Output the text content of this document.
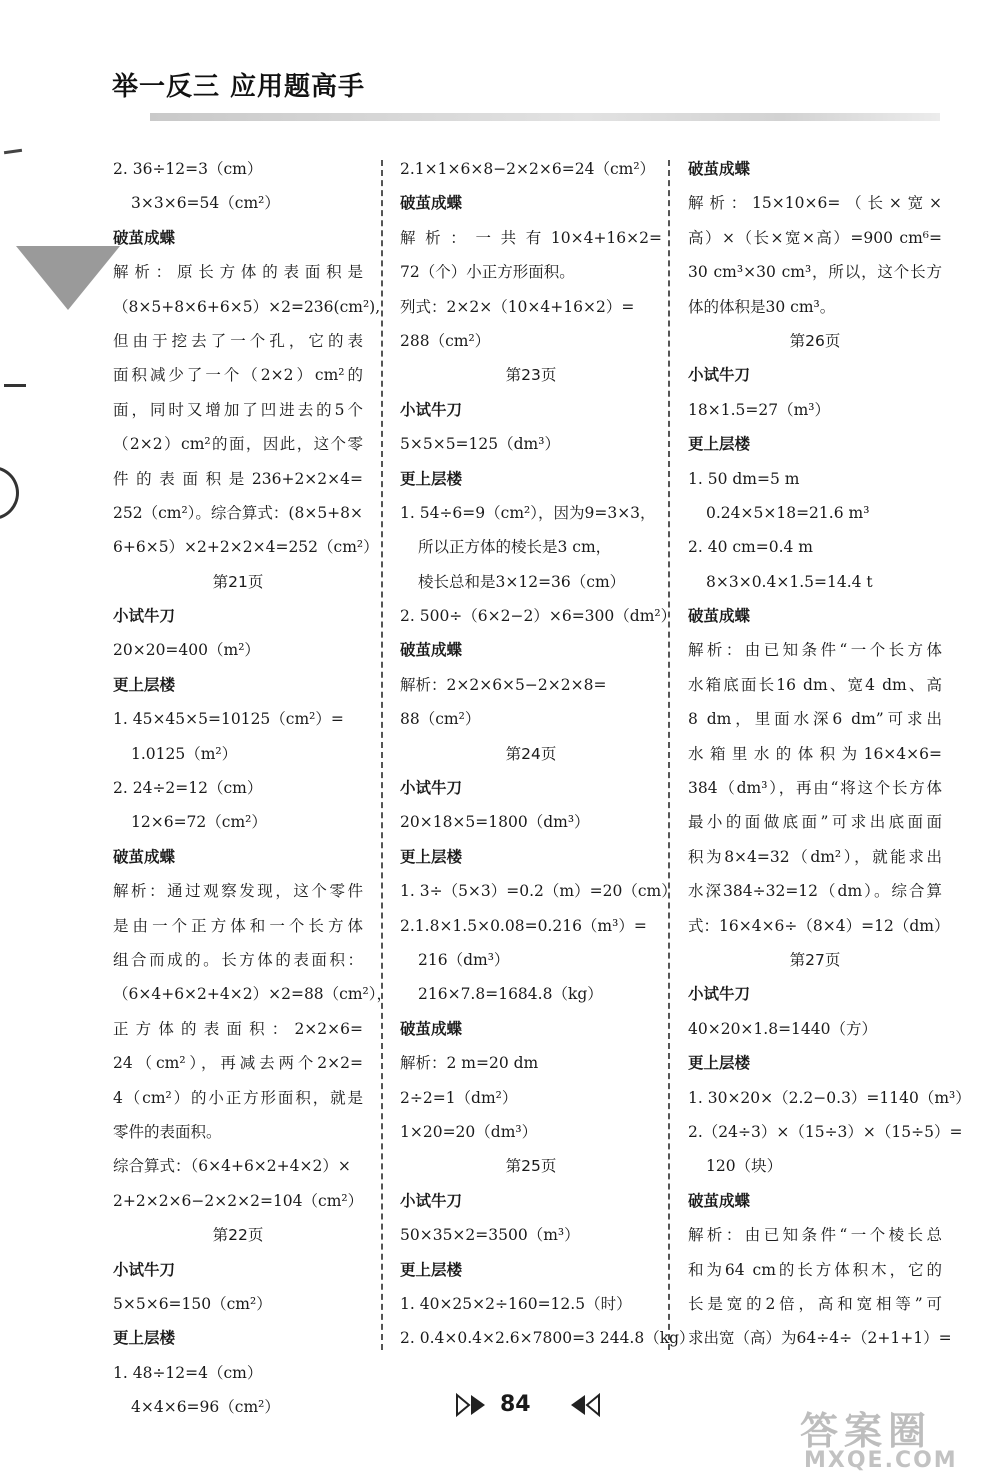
举一反三 应用题高手
2. 36÷12=3（cm）
3×3×6=54（cm²）
破茧成蝶
解析：原长方体的表面积是
（8×5+8×6+6×5）×2=236(cm²),
但由于挖去了一个孔，它的表
面积减少了一个（2×2）cm²的
面，同时又增加了凹进去的5个
（2×2）cm²的面，因此，这个零
件的表面积是236+2×2×4=
252（cm²）。综合算式：(8×5+8×
6+6×5）×2+2×2×4=252（cm²）
第21页
小试牛刀
20×20=400（m²）
更上层楼
1. 45×45×5=10125（cm²）=
1.0125（m²）
2. 24÷2=12（cm）
12×6=72（cm²）
破茧成蝶
解析：通过观察发现，这个零件
是由一个正方体和一个长方体
组合而成的。长方体的表面积：
（6×4+6×2+4×2）×2=88（cm²），
正方体的表面积：2×2×6=
24（cm²），再减去两个2×2=
4（cm²）的小正方形面积，就是
零件的表面积。
综合算式：（6×4+6×2+4×2）×
2+2×2×6−2×2×2=104（cm²）
第22页
小试牛刀
5×5×6=150（cm²）
更上层楼
1. 48÷12=4（cm）
4×4×6=96（cm²）
2.1×1×6×8−2×2×6=24（cm²）
破茧成蝶
解析：一共有10×4+16×2=
72（个）小正方形面积。
列式：2×2×（10×4+16×2）=
288（cm²）
第23页
小试牛刀
5×5×5=125（dm³）
更上层楼
1. 54÷6=9（cm²），因为9=3×3，
所以正方体的棱长是3 cm，
棱长总和是3×12=36（cm）
2. 500÷（6×2−2）×6=300（dm²）
破茧成蝶
解析：2×2×6×5−2×2×8=
88（cm²）
第24页
小试牛刀
20×18×5=1800（dm³）
更上层楼
1. 3÷（5×3）=0.2（m）=20（cm）
2.1.8×1.5×0.08=0.216（m³）=
216（dm³）
216×7.8=1684.8（kg）
破茧成蝶
解析：2 m=20 dm
2÷2=1（dm²）
1×20=20（dm³）
第25页
小试牛刀
50×35×2=3500（m³）
更上层楼
1. 40×25×2÷160=12.5（时）
2. 0.4×0.4×2.6×7800=3 244.8（kg）
破茧成蝶
解析：15×10×6=（长×宽×
高）×（长×宽×高）=900 cm⁶=
30 cm³×30 cm³，所以，这个长方
体的体积是30 cm³。
第26页
小试牛刀
18×1.5=27（m³）
更上层楼
1. 50 dm=5 m
0.24×5×18=21.6 m³
2. 40 cm=0.4 m
8×3×0.4×1.5=14.4 t
破茧成蝶
解析：由已知条件“一个长方体
水箱底面长16 dm、宽4 dm、高
8 dm，里面水深6 dm”可求出
水箱里水的体积为16×4×6=
384（dm³），再由“将这个长方体
最小的面做底面”可求出底面面
积为8×4=32（dm²），就能求出
水深384÷32=12（dm）。综合算
式：16×4×6÷（8×4）=12（dm）
第27页
小试牛刀
40×20×1.8=1440（方）
更上层楼
1. 30×20×（2.2−0.3）=1140（m³）
2.（24÷3）×（15÷3）×（15÷5）=
120（块）
破茧成蝶
解析：由已知条件“一个棱长总
和为64 cm的长方体积木，它的
长是宽的2倍，高和宽相等”可
求出宽（高）为64÷4÷（2+1+1）=
84
答案圈
MXQE.COM
